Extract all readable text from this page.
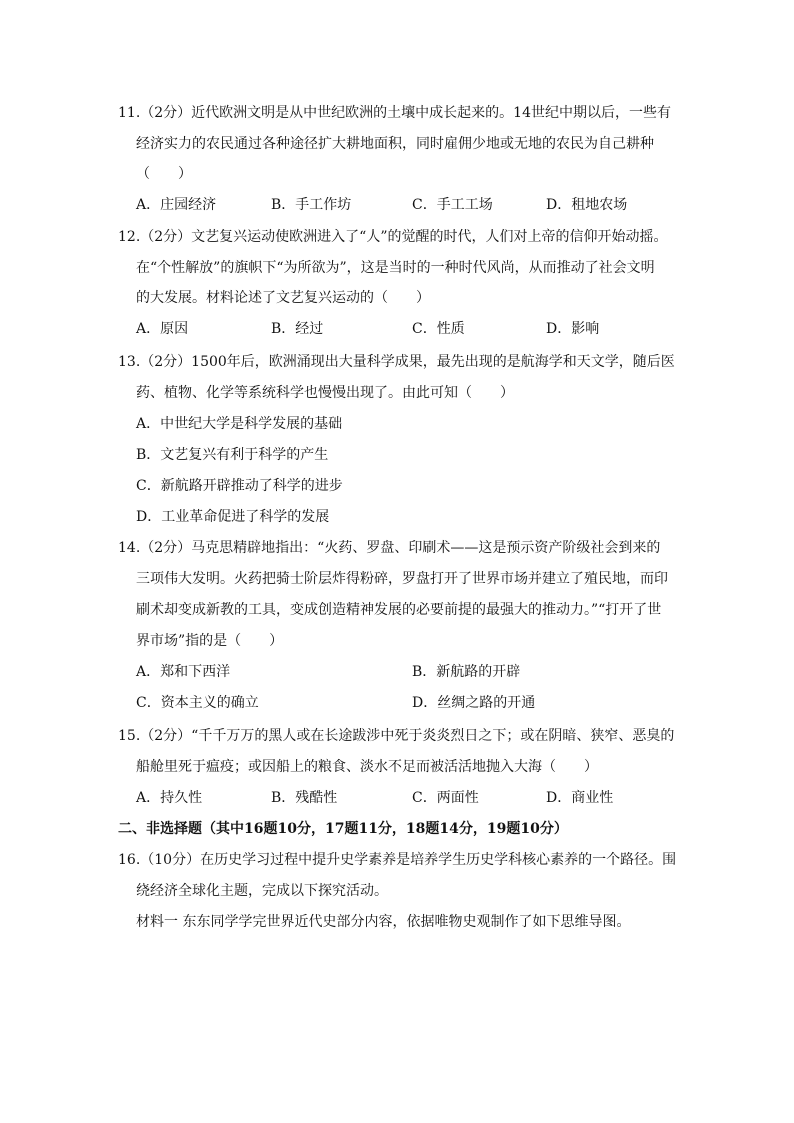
11.（2分）近代欧洲文明是从中世纪欧洲的土壤中成长起来的。14世纪中期以后，一些有
经济实力的农民通过各种途径扩大耕地面积，同时雇佣少地或无地的农民为自己耕种
（　　）
A．庄园经济	B．手工作坊	C．手工工场	D．租地农场
12.（2分）文艺复兴运动使欧洲进入了“人”的觉醒的时代，人们对上帝的信仰开始动摇。
在“个性解放”的旗帜下“为所欲为”，这是当时的一种时代风尚，从而推动了社会文明
的大发展。材料论述了文艺复兴运动的（　　）
A．原因	B．经过	C．性质	D．影响
13.（2分）1500年后，欧洲涌现出大量科学成果，最先出现的是航海学和天文学，随后医
药、植物、化学等系统科学也慢慢出现了。由此可知（　　）
A．中世纪大学是科学发展的基础
B．文艺复兴有利于科学的产生
C．新航路开辟推动了科学的进步
D．工业革命促进了科学的发展
14.（2分）马克思精辟地指出：“火药、罗盘、印刷术——这是预示资产阶级社会到来的
三项伟大发明。火药把骑士阶层炸得粉碎，罗盘打开了世界市场并建立了殖民地，而印
刷术却变成新教的工具，变成创造精神发展的必要前提的最强大的推动力。”“打开了世
界市场”指的是（　　）
A．郑和下西洋	B．新航路的开辟
C．资本主义的确立	D．丝绸之路的开通
15.（2分）“千千万万的黑人或在长途跋涉中死于炎炎烈日之下；或在阴暗、狭窄、恶臭的
船舱里死于瘟疫；或因船上的粮食、淡水不足而被活活地抛入大海（　　）
A．持久性	B．残酷性	C．两面性	D．商业性
二、非选择题（其中16题10分，17题11分，18题14分，19题10分）
16.（10分）在历史学习过程中提升史学素养是培养学生历史学科核心素养的一个路径。围
绕经济全球化主题，完成以下探究活动。
材料一 东东同学学完世界近代史部分内容，依据唯物史观制作了如下思维导图。
